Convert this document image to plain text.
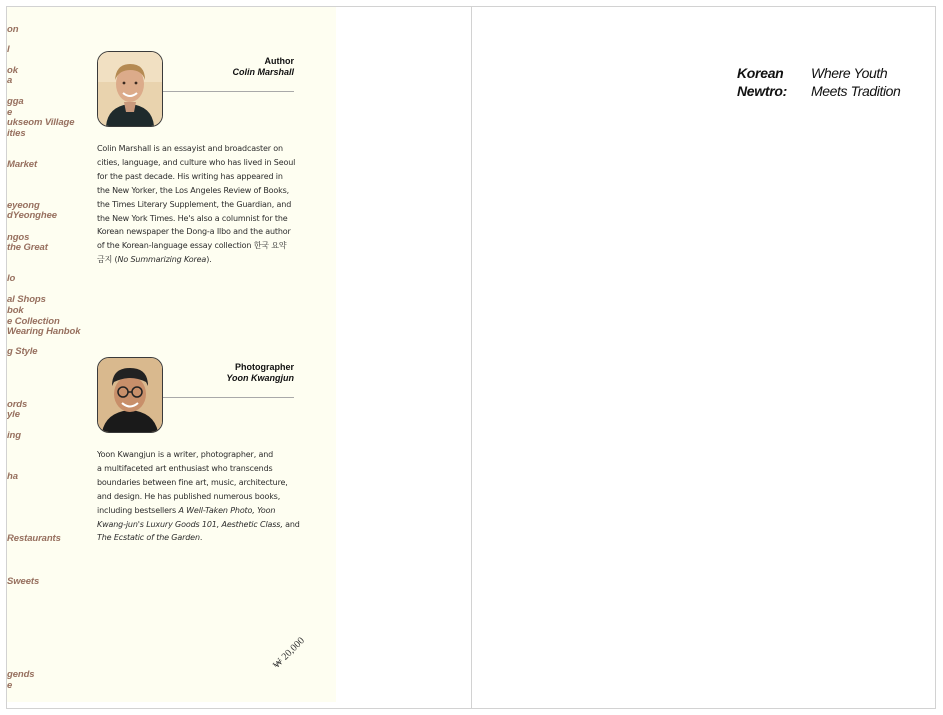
on

l

ok

a

gga

e

ukseom Village

ities

Market

eyeong

dYeonghee

ngos

the Great

lo

al Shops

bok

e Collection

Wearing Hanbok

g Style

ords

yle

ing

ha

Restaurants

Sweets

gends

e

Author
Colin Marshall

Colin Marshall is an essayist and broadcaster on

cities, language, and culture who has lived in Seoul

for the past decade. His writing has appeared in

the New Yorker, the Los Angeles Review of Books,

the Times Literary Supplement, the Guardian, and

the New York Times. He's also a columnist for the

Korean newspaper the Dong-a Ilbo and the author

of the Korean-language essay collection 한국 요약

금지 (No Summarizing Korea).

Photographer
Yoon Kwangjun

Yoon Kwangjun is a writer, photographer, and

a multifaceted art enthusiast who transcends

boundaries between fine art, music, architecture,

and design. He has published numerous books,

including bestsellers A Well-Taken Photo, Yoon

Kwang-jun's Luxury Goods 101, Aesthetic Class, and

The Ecstatic of the Garden.

₩ 20,000
Korean
Newtro:
Where Youth
Meets Tradition
